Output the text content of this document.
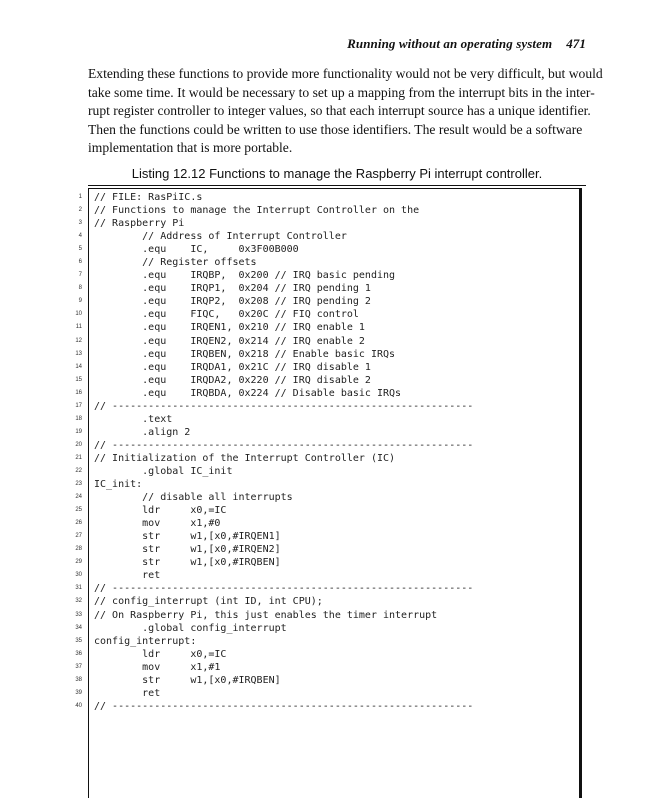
Running without an operating system 471
Extending these functions to provide more functionality would not be very difficult, but would
take some time. It would be necessary to set up a mapping from the interrupt bits in the inter-
rupt register controller to integer values, so that each interrupt source has a unique identifier.
Then the functions could be written to use those identifiers. The result would be a software
implementation that is more portable.
Listing 12.12 Functions to manage the Raspberry Pi interrupt controller.
1
2
3
4
5
6
7
8
9
10
11
12
13
14
15
16
17
18
19
20
21
22
23
24
25
26
27
28
29
30
31
32
33
34
35
36
37
38
39
40
// FILE: RasPiIC.s
// Functions to manage the Interrupt Controller on the
// Raspberry Pi
// Address of Interrupt Controller
.equ    IC,     0x3F00B000
// Register offsets
.equ    IRQBP,  0x200 // IRQ basic pending
.equ    IRQP1,  0x204 // IRQ pending 1
.equ    IRQP2,  0x208 // IRQ pending 2
.equ    FIQC,   0x20C // FIQ control
.equ    IRQEN1, 0x210 // IRQ enable 1
.equ    IRQEN2, 0x214 // IRQ enable 2
.equ    IRQBEN, 0x218 // Enable basic IRQs
.equ    IRQDA1, 0x21C // IRQ disable 1
.equ    IRQDA2, 0x220 // IRQ disable 2
.equ    IRQBDA, 0x224 // Disable basic IRQs
// ------------------------------------------------------------
.text
.align 2
// ------------------------------------------------------------
// Initialization of the Interrupt Controller (IC)
.global IC_init
IC_init:
// disable all interrupts
ldr     x0,=IC
mov     x1,#0
str     w1,[x0,#IRQEN1]
str     w1,[x0,#IRQEN2]
str     w1,[x0,#IRQBEN]
ret
// ------------------------------------------------------------
// config_interrupt (int ID, int CPU);
// On Raspberry Pi, this just enables the timer interrupt
.global config_interrupt
config_interrupt:
ldr     x0,=IC
mov     x1,#1
str     w1,[x0,#IRQBEN]
ret
// ------------------------------------------------------------
